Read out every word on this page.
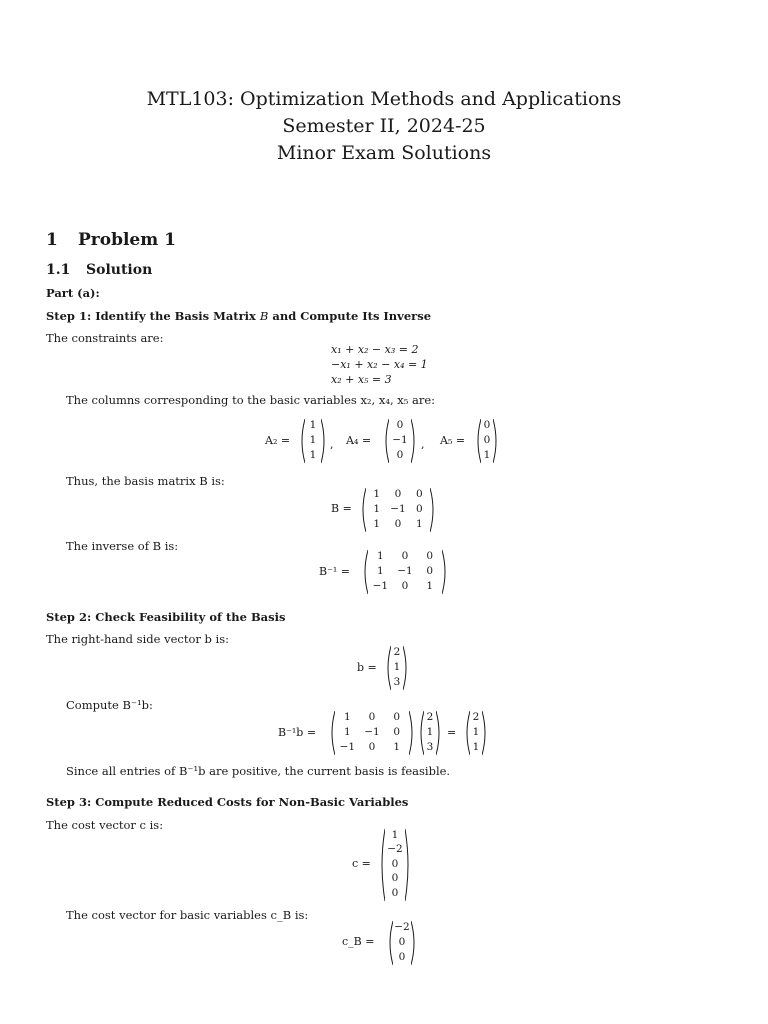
MTL103: Optimization Methods and Applications
Semester II, 2024-25
Minor Exam Solutions
1 Problem 1
1.1 Solution
Part (a):
Step 1: Identify the Basis Matrix B and Compute Its Inverse
The constraints are:
x₁ + x₂ − x₃ = 2
−x₁ + x₂ − x₄ = 1
x₂ + x₅ = 3
The columns corresponding to the basic variables x₂, x₄, x₅ are:
A₂ =
1
1
1
, A₄ =
0
−1
0
, A₅ =
0
0
1
Thus, the basis matrix B is:
B =
1	0	0
1 −1 0
1	0	1
The inverse of B is:
B⁻¹ =
1	0	0
1	−1	0
−1	0	1
Step 2: Check Feasibility of the Basis
The right-hand side vector b is:
b =
2
1
3
Compute B⁻¹b:
B⁻¹b =
1	0	0
1	−1	0
−1	0	1
2
1
3
=
2
1
1
Since all entries of B⁻¹b are positive, the current basis is feasible.
Step 3: Compute Reduced Costs for Non-Basic Variables
The cost vector c is:
c =
1
−2
0
0
0
The cost vector for basic variables c_B is:
c_B =
−2
0
0
